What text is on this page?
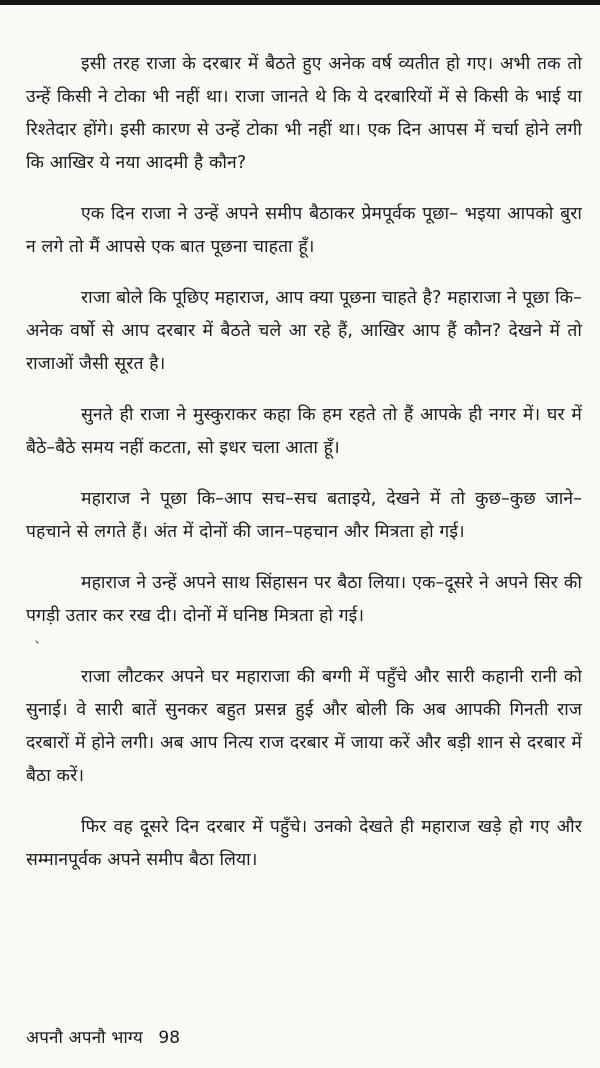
इसी तरह राजा के दरबार में बैठते हुए अनेक वर्ष व्यतीत हो गए। अभी तक तो उन्हें किसी ने टोका भी नहीं था। राजा जानते थे कि ये दरबारियों में से किसी के भाई या रिश्तेदार होंगे। इसी कारण से उन्हें टोका भी नहीं था। एक दिन आपस में चर्चा होने लगी कि आखिर ये नया आदमी है कौन?

एक दिन राजा ने उन्हें अपने समीप बैठाकर प्रेमपूर्वक पूछा– भइया आपको बुरा न लगे तो मैं आपसे एक बात पूछना चाहता हूँ।

राजा बोले कि पूछिए महाराज, आप क्या पूछना चाहते है? महाराजा ने पूछा कि–अनेक वर्षो से आप दरबार में बैठते चले आ रहे हैं, आखिर आप हैं कौन? देखने में तो राजाओं जैसी सूरत है।

सुनते ही राजा ने मुस्कुराकर कहा कि हम रहते तो हैं आपके ही नगर में। घर में बैठे–बैठे समय नहीं कटता, सो इधर चला आता हूँ।

महाराज ने पूछा कि–आप सच–सच बताइये, देखने में तो कुछ–कुछ जाने–पहचाने से लगते हैं। अंत में दोनों की जान–पहचान और मित्रता हो गई।

महाराज ने उन्हें अपने साथ सिंहासन पर बैठा लिया। एक–दूसरे ने अपने सिर की पगड़ी उतार कर रख दी। दोनों में घनिष्ठ मित्रता हो गई।

`

राजा लौटकर अपने घर महाराजा की बग्गी में पहुँचे और सारी कहानी रानी को सुनाई। वे सारी बातें सुनकर बहुत प्रसन्न हुई और बोली कि अब आपकी गिनती राज दरबारों में होने लगी। अब आप नित्य राज दरबार में जाया करें और बड़ी शान से दरबार में बैठा करें।

फिर वह दूसरे दिन दरबार में पहुँचे। उनको देखते ही महाराज खड़े हो गए और सम्मानपूर्वक अपने समीप बैठा लिया।

अपनौ अपनौ भाग्य 98
